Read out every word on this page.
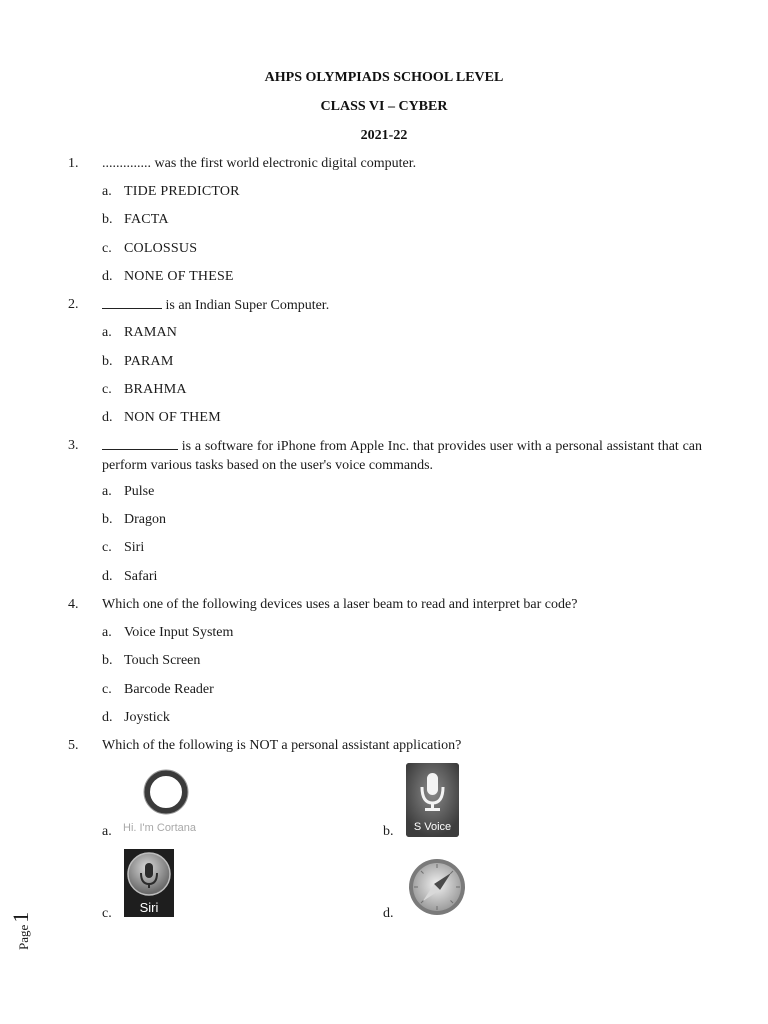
AHPS OLYMPIADS SCHOOL LEVEL
CLASS VI – CYBER
2021-22
1. .............. was the first world electronic digital computer.
a. TIDE PREDICTOR
b. FACTA
c. COLOSSUS
d. NONE OF THESE
2.	is an Indian Super Computer.
a. RAMAN
b. PARAM
c. BRAHMA
d. NON OF THEM
3.	is a software for iPhone from Apple Inc. that provides user with a personal assistant that can perform various tasks based on the user's voice commands.
a. Pulse
b. Dragon
c. Siri
d. Safari
4. Which one of the following devices uses a laser beam to read and interpret bar code?
a. Voice Input System
b. Touch Screen
c. Barcode Reader
d. Joystick
5. Which of the following is NOT a personal assistant application?
a. Hi. I'm Cortana	b.	S Voice
c.	Siri	d.
Page1
